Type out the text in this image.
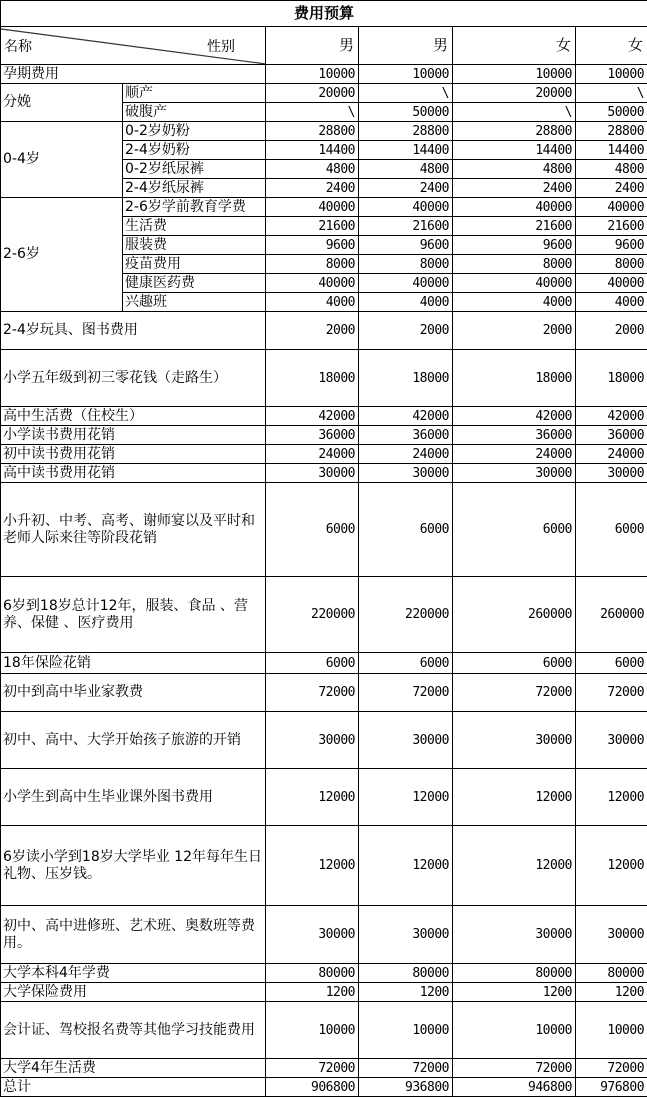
费用预算					

名称 性别		男	男	女	女
孕期费用		10000	10000	10000	10000
分娩	顺产	20000	\	20000	\
	破腹产	\	50000	\	50000
0-4岁	0-2岁奶粉	28800	28800	28800	28800
	2-4岁奶粉	14400	14400	14400	14400
	0-2岁纸尿裤	4800	4800	4800	4800
	2-4岁纸尿裤	2400	2400	2400	2400
2-6岁	2-6岁学前教育学费	40000	40000	40000	40000
	生活费	21600	21600	21600	21600
	服装费	9600	9600	9600	9600
	疫苗费用	8000	8000	8000	8000
	健康医药费	40000	40000	40000	40000
	兴趣班	4000	4000	4000	4000
2-4岁玩具、图书费用		2000	2000	2000	2000
小学五年级到初三零花钱（走路生）		18000	18000	18000	18000
高中生活费（住校生）		42000	42000	42000	42000
小学读书费用花销		36000	36000	36000	36000
初中读书费用花销		24000	24000	24000	24000
高中读书费用花销		30000	30000	30000	30000
小升初、中考、高考、谢师宴以及平时和老师人际来往等阶段花销		6000	6000	6000	6000
6岁到18岁总计12年，服装、食品 、营养、保健 、医疗费用		220000	220000	260000	260000
18年保险花销		6000	6000	6000	6000
初中到高中毕业家教费		72000	72000	72000	72000
初中、高中、大学开始孩子旅游的开销		30000	30000	30000	30000
小学生到高中生毕业课外图书费用		12000	12000	12000	12000
6岁读小学到18岁大学毕业 12年每年生日礼物、压岁钱。		12000	12000	12000	12000
初中、高中进修班、艺术班、奥数班等费用。		30000	30000	30000	30000
大学本科4年学费		80000	80000	80000	80000
大学保险费用		1200	1200	1200	1200
会计证、驾校报名费等其他学习技能费用		10000	10000	10000	10000
大学4年生活费		72000	72000	72000	72000
总计		906800	936800	946800	976800
